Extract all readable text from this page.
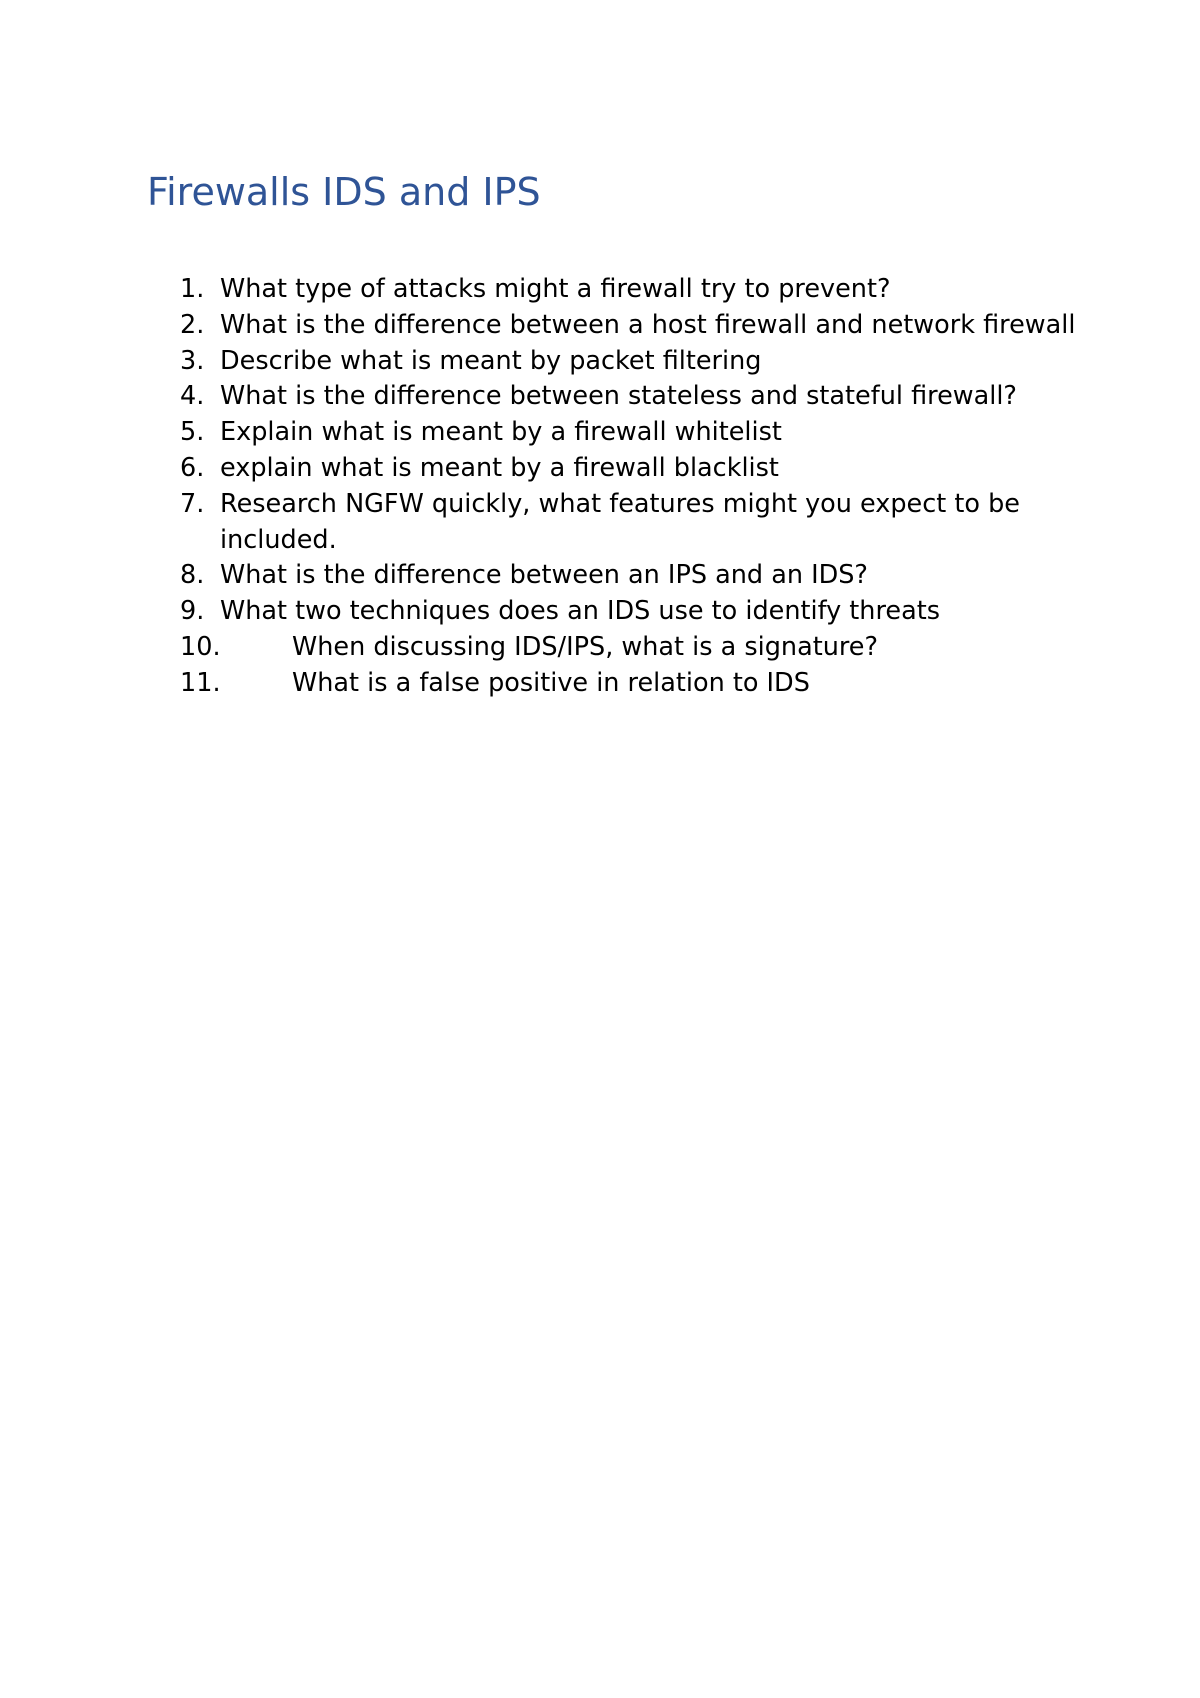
Firewalls IDS and IPS
1. What type of attacks might a firewall try to prevent?
2. What is the difference between a host firewall and network firewall
3. Describe what is meant by packet filtering
4. What is the difference between stateless and stateful firewall?
5. Explain what is meant by a firewall whitelist
6. explain what is meant by a firewall blacklist
7. Research NGFW quickly, what features might you expect to be included.
8. What is the difference between an IPS and an IDS?
9. What two techniques does an IDS use to identify threats
10.	When discussing IDS/IPS, what is a signature?
11.	What is a false positive in relation to IDS
